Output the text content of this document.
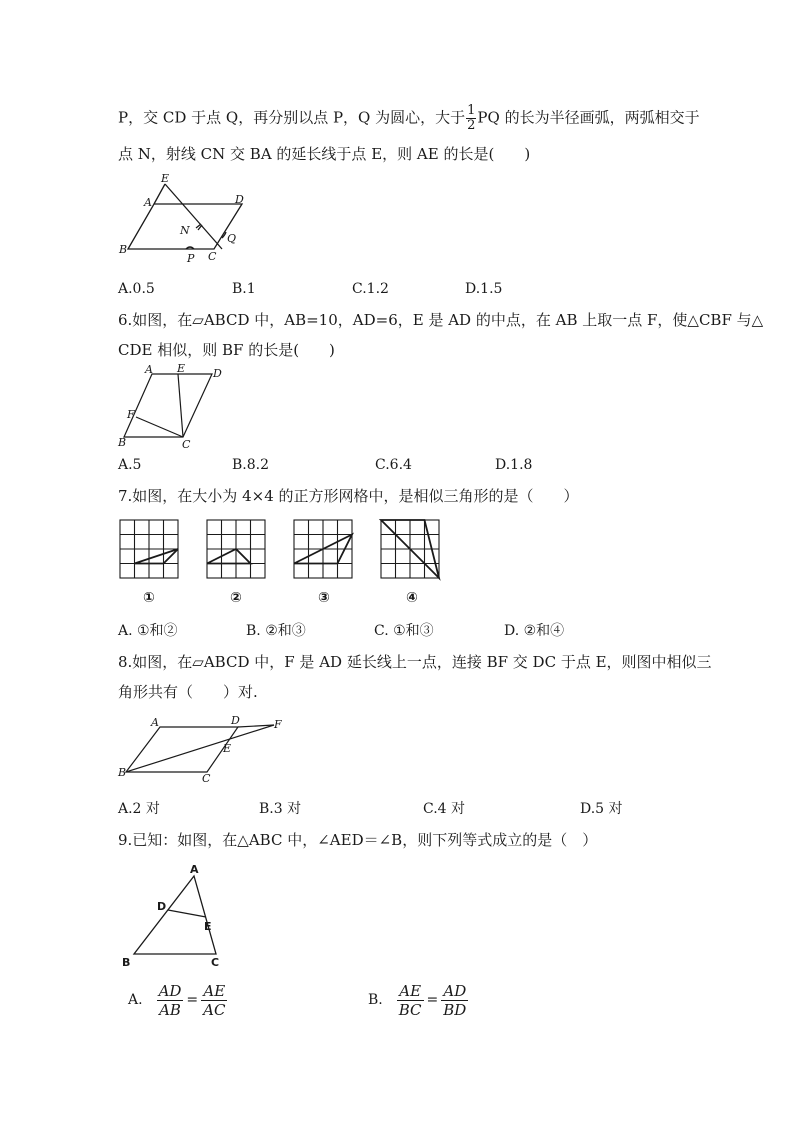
P，交 CD 于点 Q，再分别以点 P，Q 为圆心，大于 $\frac{1}{2}$ PQ 的长为半径画弧，两弧相交于
点 N，射线 CN 交 BA 的延长线于点 E，则 AE 的长是(　　)
E
A	D
N
Q
B
P C
A.0.5	B.1	C.1.2	D.1.5
6.如图，在▱ABCD 中，AB=10，AD=6，E 是 AD 的中点，在 AB 上取一点 F，使△CBF 与△
CDE 相似，则 BF 的长是(　　)
A E	D
F
B	C
A.5	B.8.2	C.6.4	D.1.8
7.如图，在大小为 4×4 的正方形网格中，是相似三角形的是（　　）
①	②	③	④
A. ①和②	B. ②和③	C. ①和③	D. ②和④
8.如图，在▱ABCD 中，F 是 AD 延长线上一点，连接 BF 交 DC 于点 E，则图中相似三
角形共有（　　）对.
A	D	F
E
B	C
A.2 对	B.3 对	C.4 对	D.5 对
9.已知：如图，在△ABC 中，∠AED＝∠B，则下列等式成立的是（　）
A
D
E
B	C
A. $\frac{AD}{AB} = \frac{AE}{AC}$	B. $\frac{AE}{BC} = \frac{AD}{BD}$
